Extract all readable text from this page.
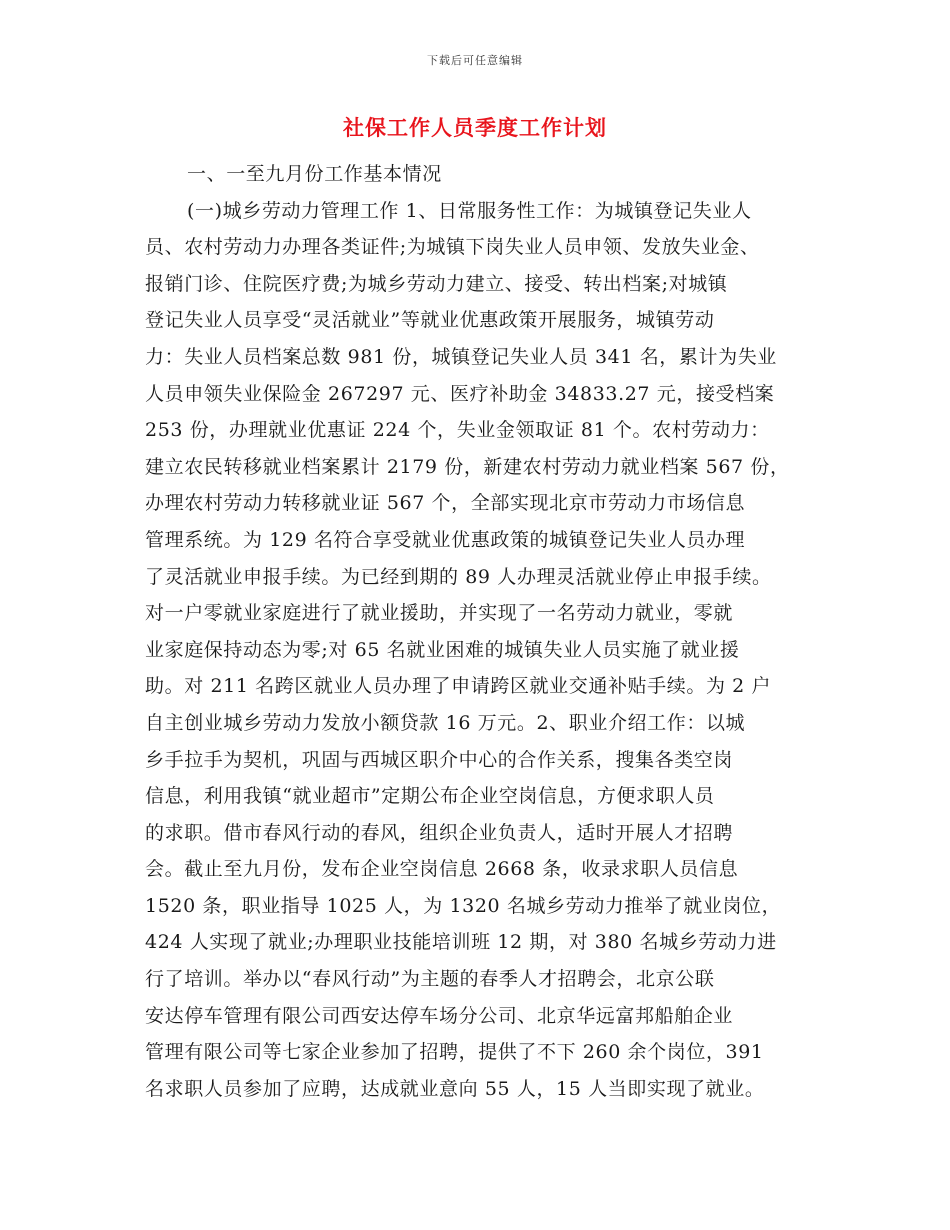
下载后可任意编辑
社保工作人员季度工作计划
一、一至九月份工作基本情况
(一)城乡劳动力管理工作 1、日常服务性工作：为城镇登记失业人
员、农村劳动力办理各类证件;为城镇下岗失业人员申领、发放失业金、
报销门诊、住院医疗费;为城乡劳动力建立、接受、转出档案;对城镇
登记失业人员享受“灵活就业”等就业优惠政策开展服务，城镇劳动
力：失业人员档案总数 981 份，城镇登记失业人员 341 名，累计为失业
人员申领失业保险金 267297 元、医疗补助金 34833.27 元，接受档案
253 份，办理就业优惠证 224 个，失业金领取证 81 个。农村劳动力：
建立农民转移就业档案累计 2179 份，新建农村劳动力就业档案 567 份，
办理农村劳动力转移就业证 567 个，全部实现北京市劳动力市场信息
管理系统。为 129 名符合享受就业优惠政策的城镇登记失业人员办理
了灵活就业申报手续。为已经到期的 89 人办理灵活就业停止申报手续。
对一户零就业家庭进行了就业援助，并实现了一名劳动力就业，零就
业家庭保持动态为零;对 65 名就业困难的城镇失业人员实施了就业援
助。对 211 名跨区就业人员办理了申请跨区就业交通补贴手续。为 2 户
自主创业城乡劳动力发放小额贷款 16 万元。2、职业介绍工作：以城
乡手拉手为契机，巩固与西城区职介中心的合作关系，搜集各类空岗
信息，利用我镇“就业超市”定期公布企业空岗信息，方便求职人员
的求职。借市春风行动的春风，组织企业负责人，适时开展人才招聘
会。截止至九月份，发布企业空岗信息 2668 条，收录求职人员信息
1520 条，职业指导 1025 人，为 1320 名城乡劳动力推举了就业岗位，
424 人实现了就业;办理职业技能培训班 12 期，对 380 名城乡劳动力进
行了培训。举办以“春风行动”为主题的春季人才招聘会，北京公联
安达停车管理有限公司西安达停车场分公司、北京华远富邦船舶企业
管理有限公司等七家企业参加了招聘，提供了不下 260 余个岗位，391
名求职人员参加了应聘，达成就业意向 55 人，15 人当即实现了就业。
